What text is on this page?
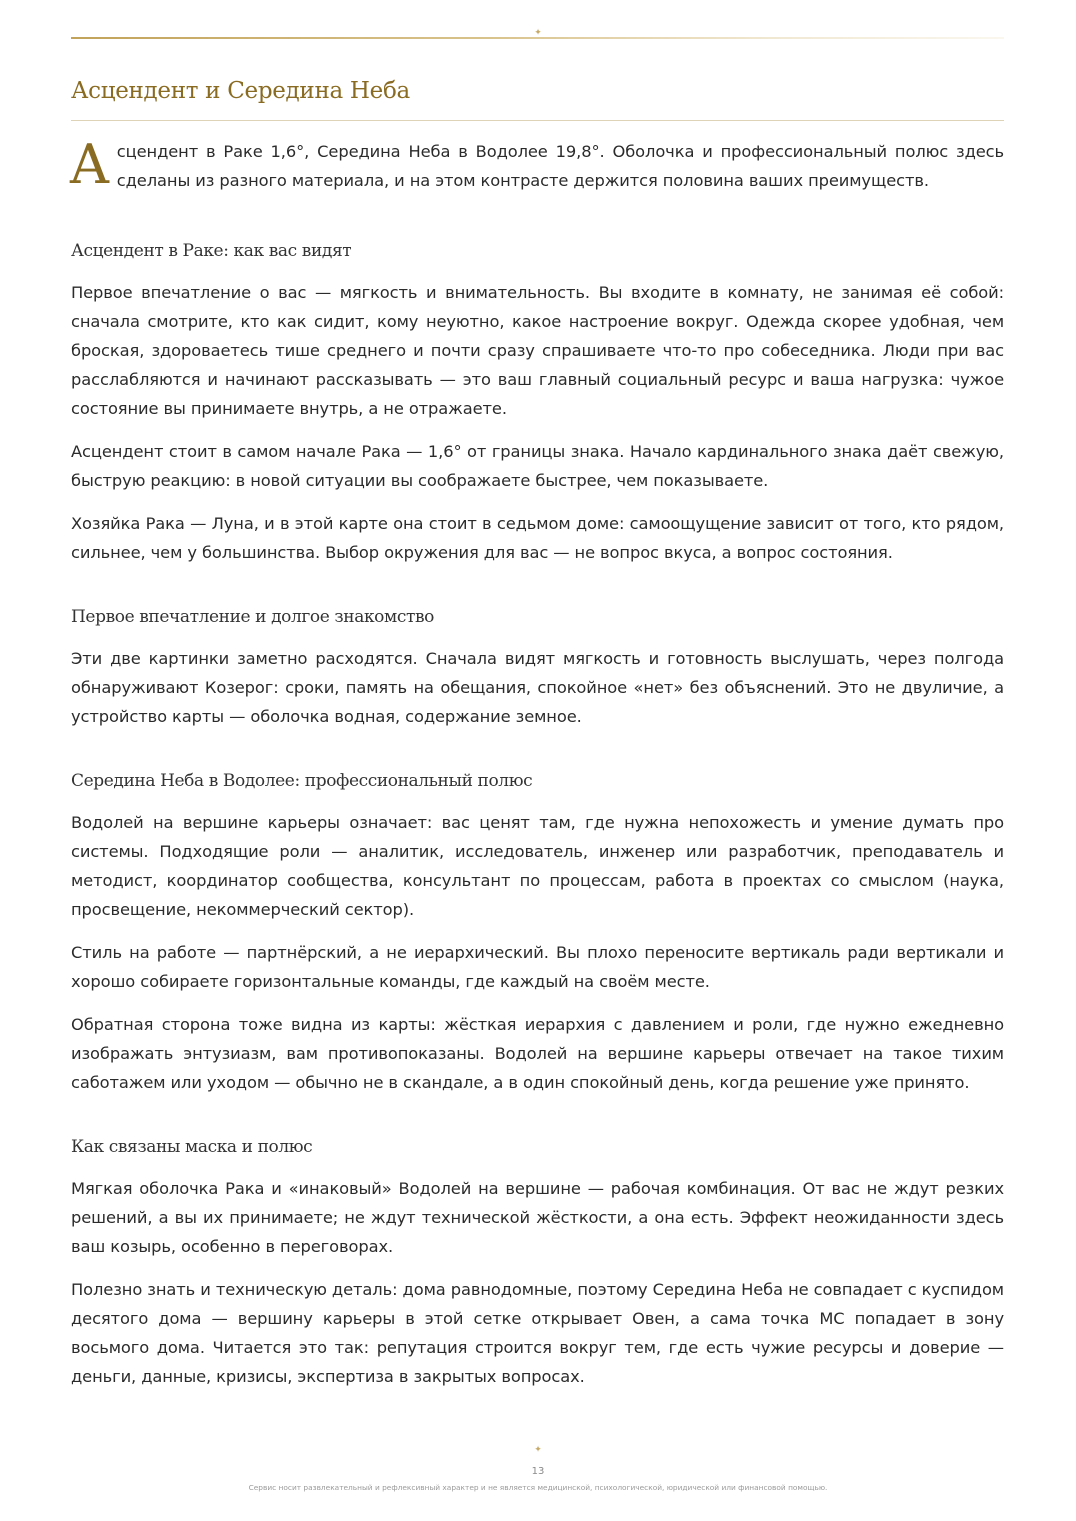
✦
Асцендент и Середина Неба

Асцендент в Раке 1,6°, Середина Неба в Водолее 19,8°. Оболочка и профессиональный полюс здесь сделаны из разного материала, и на этом контрасте держится половина ваших преимуществ.

Асцендент в Раке: как вас видят

Первое впечатление о вас — мягкость и внимательность. Вы входите в комнату, не занимая её собой: сначала смотрите, кто как сидит, кому неуютно, какое настроение вокруг. Одежда скорее удобная, чем броская, здороваетесь тише среднего и почти сразу спрашиваете что-то про собеседника. Люди при вас расслабляются и начинают рассказывать — это ваш главный социальный ресурс и ваша нагрузка: чужое состояние вы принимаете внутрь, а не отражаете.

Асцендент стоит в самом начале Рака — 1,6° от границы знака. Начало кардинального знака даёт свежую, быструю реакцию: в новой ситуации вы соображаете быстрее, чем показываете.

Хозяйка Рака — Луна, и в этой карте она стоит в седьмом доме: самоощущение зависит от того, кто рядом, сильнее, чем у большинства. Выбор окружения для вас — не вопрос вкуса, а вопрос состояния.

Первое впечатление и долгое знакомство

Эти две картинки заметно расходятся. Сначала видят мягкость и готовность выслушать, через полгода обнаруживают Козерог: сроки, память на обещания, спокойное «нет» без объяснений. Это не двуличие, а устройство карты — оболочка водная, содержание земное.

Середина Неба в Водолее: профессиональный полюс

Водолей на вершине карьеры означает: вас ценят там, где нужна непохожесть и умение думать про системы. Подходящие роли — аналитик, исследователь, инженер или разработчик, преподаватель и методист, координатор сообщества, консультант по процессам, работа в проектах со смыслом (наука, просвещение, некоммерческий сектор).

Стиль на работе — партнёрский, а не иерархический. Вы плохо переносите вертикаль ради вертикали и хорошо собираете горизонтальные команды, где каждый на своём месте.

Обратная сторона тоже видна из карты: жёсткая иерархия с давлением и роли, где нужно ежедневно изображать энтузиазм, вам противопоказаны. Водолей на вершине карьеры отвечает на такое тихим саботажем или уходом — обычно не в скандале, а в один спокойный день, когда решение уже принято.

Как связаны маска и полюс

Мягкая оболочка Рака и «инаковый» Водолей на вершине — рабочая комбинация. От вас не ждут резких решений, а вы их принимаете; не ждут технической жёсткости, а она есть. Эффект неожиданности здесь ваш козырь, особенно в переговорах.

Полезно знать и техническую деталь: дома равнодомные, поэтому Середина Неба не совпадает с куспидом десятого дома — вершину карьеры в этой сетке открывает Овен, а сама точка МС попадает в зону восьмого дома. Читается это так: репутация строится вокруг тем, где есть чужие ресурсы и доверие — деньги, данные, кризисы, экспертиза в закрытых вопросах.

✦
13
Сервис носит развлекательный и рефлексивный характер и не является медицинской, психологической, юридической или финансовой помощью.
